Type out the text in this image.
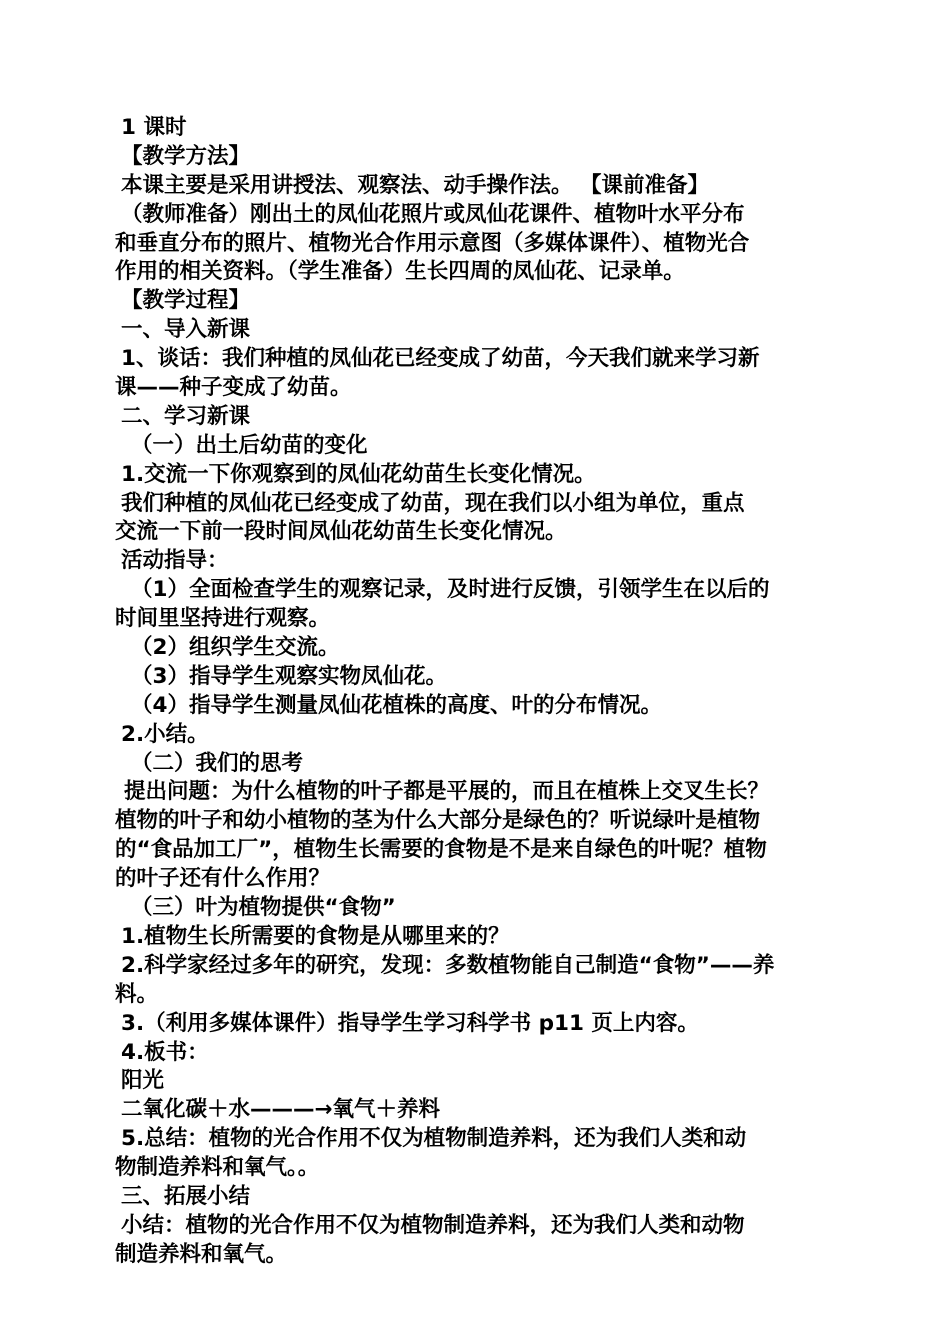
1 课时
【教学方法】
本课主要是采用讲授法、观察法、动手操作法。 【课前准备】
（教师准备）刚出土的凤仙花照片或凤仙花课件、植物叶水平分布
和垂直分布的照片、植物光合作用示意图（多媒体课件）、植物光合
作用的相关资料。（学生准备）生长四周的凤仙花、记录单。
【教学过程】
一、导入新课
1、谈话：我们种植的凤仙花已经变成了幼苗，今天我们就来学习新
课——种子变成了幼苗。
二、学习新课
（一）出土后幼苗的变化
1.交流一下你观察到的凤仙花幼苗生长变化情况。
我们种植的凤仙花已经变成了幼苗，现在我们以小组为单位，重点
交流一下前一段时间凤仙花幼苗生长变化情况。
活动指导：
（1）全面检查学生的观察记录，及时进行反馈，引领学生在以后的
时间里坚持进行观察。
（2）组织学生交流。
（3）指导学生观察实物凤仙花。
（4）指导学生测量凤仙花植株的高度、叶的分布情况。
2.小结。
（二）我们的思考
提出问题：为什么植物的叶子都是平展的，而且在植株上交叉生长？
植物的叶子和幼小植物的茎为什么大部分是绿色的？听说绿叶是植物
的“食品加工厂”，植物生长需要的食物是不是来自绿色的叶呢？植物
的叶子还有什么作用？
（三）叶为植物提供“食物”
1.植物生长所需要的食物是从哪里来的？
2.科学家经过多年的研究，发现：多数植物能自己制造“食物”——养
料。
3.（利用多媒体课件）指导学生学习科学书 p11 页上内容。
4.板书：
阳光
二氧化碳＋水———→氧气＋养料
5.总结：植物的光合作用不仅为植物制造养料，还为我们人类和动
物制造养料和氧气。。
三、拓展小结
小结：植物的光合作用不仅为植物制造养料，还为我们人类和动物
制造养料和氧气。
